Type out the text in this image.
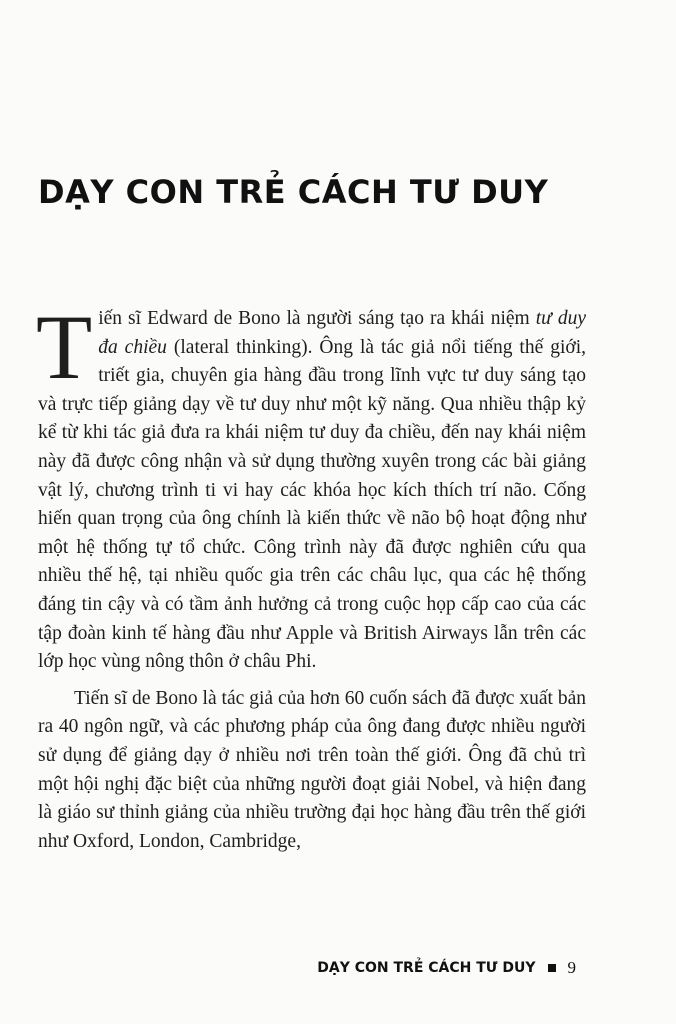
DẠY CON TRẺ CÁCH TƯ DUY

Tiến sĩ Edward de Bono là người sáng tạo ra khái niệm tư duy đa chiều (lateral thinking). Ông là tác giả nổi tiếng thế giới, triết gia, chuyên gia hàng đầu trong lĩnh vực tư duy sáng tạo và trực tiếp giảng dạy về tư duy như một kỹ năng. Qua nhiều thập kỷ kể từ khi tác giả đưa ra khái niệm tư duy đa chiều, đến nay khái niệm này đã được công nhận và sử dụng thường xuyên trong các bài giảng vật lý, chương trình ti vi hay các khóa học kích thích trí não. Cống hiến quan trọng của ông chính là kiến thức về não bộ hoạt động như một hệ thống tự tổ chức. Công trình này đã được nghiên cứu qua nhiều thế hệ, tại nhiều quốc gia trên các châu lục, qua các hệ thống đáng tin cậy và có tầm ảnh hưởng cả trong cuộc họp cấp cao của các tập đoàn kinh tế hàng đầu như Apple và British Airways lẫn trên các lớp học vùng nông thôn ở châu Phi.

Tiến sĩ de Bono là tác giả của hơn 60 cuốn sách đã được xuất bản ra 40 ngôn ngữ, và các phương pháp của ông đang được nhiều người sử dụng để giảng dạy ở nhiều nơi trên toàn thế giới. Ông đã chủ trì một hội nghị đặc biệt của những người đoạt giải Nobel, và hiện đang là giáo sư thỉnh giảng của nhiều trường đại học hàng đầu trên thế giới như Oxford, London, Cambridge,

DẠY CON TRẺ CÁCH TƯ DUY 9
